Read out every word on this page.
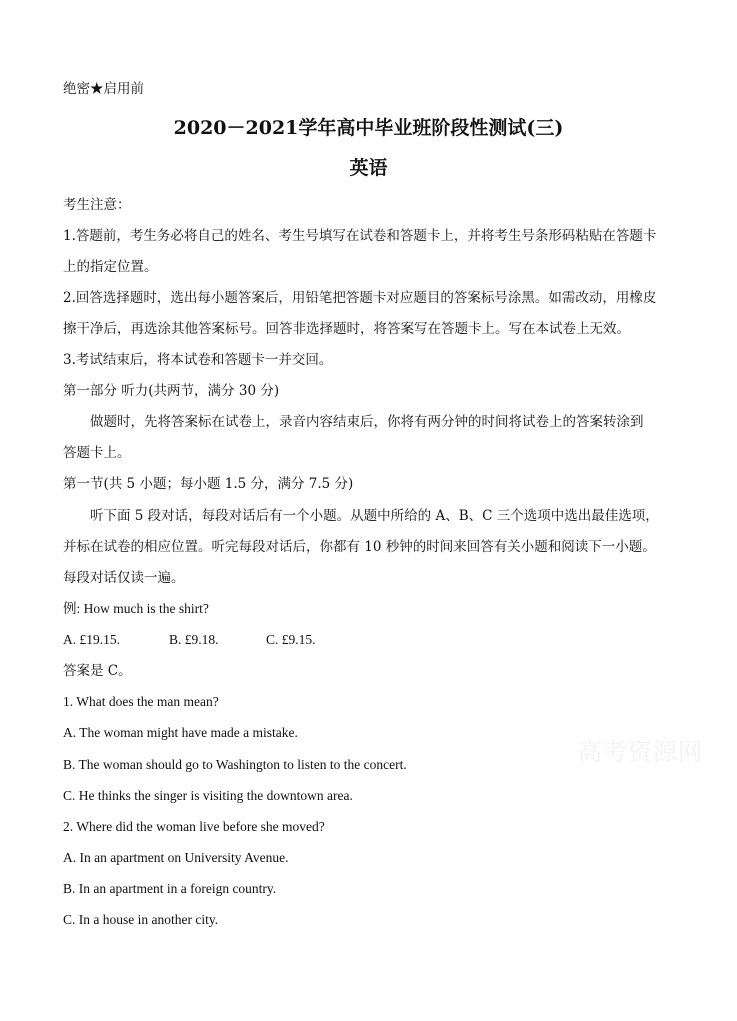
绝密★启用前
2020－2021学年高中毕业班阶段性测试(三)
英语
考生注意：
1.答题前，考生务必将自己的姓名、考生号填写在试卷和答题卡上，并将考生号条形码粘贴在答题卡
上的指定位置。
2.回答选择题时，选出每小题答案后，用铅笔把答题卡对应题目的答案标号涂黑。如需改动，用橡皮
擦干净后，再选涂其他答案标号。回答非选择题时，将答案写在答题卡上。写在本试卷上无效。
3.考试结束后，将本试卷和答题卡一并交回。
第一部分 听力(共两节，满分 30 分)
做题时，先将答案标在试卷上，录音内容结束后，你将有两分钟的时间将试卷上的答案转涂到
答题卡上。
第一节(共 5 小题；每小题 1.5 分，满分 7.5 分)
听下面 5 段对话，每段对话后有一个小题。从题中所给的 A、B、C 三个选项中选出最佳选项，
并标在试卷的相应位置。听完每段对话后，你都有 10 秒钟的时间来回答有关小题和阅读下一小题。
每段对话仅读一遍。
例: How much is the shirt?
A. £19.15.	B. £9.18.	C. £9.15.
答案是 C。
1. What does the man mean?
A. The woman might have made a mistake.
B. The woman should go to Washington to listen to the concert.
C. He thinks the singer is visiting the downtown area.
2. Where did the woman live before she moved?
A. In an apartment on University Avenue.
B. In an apartment in a foreign country.
C. In a house in another city.
高考资源网
